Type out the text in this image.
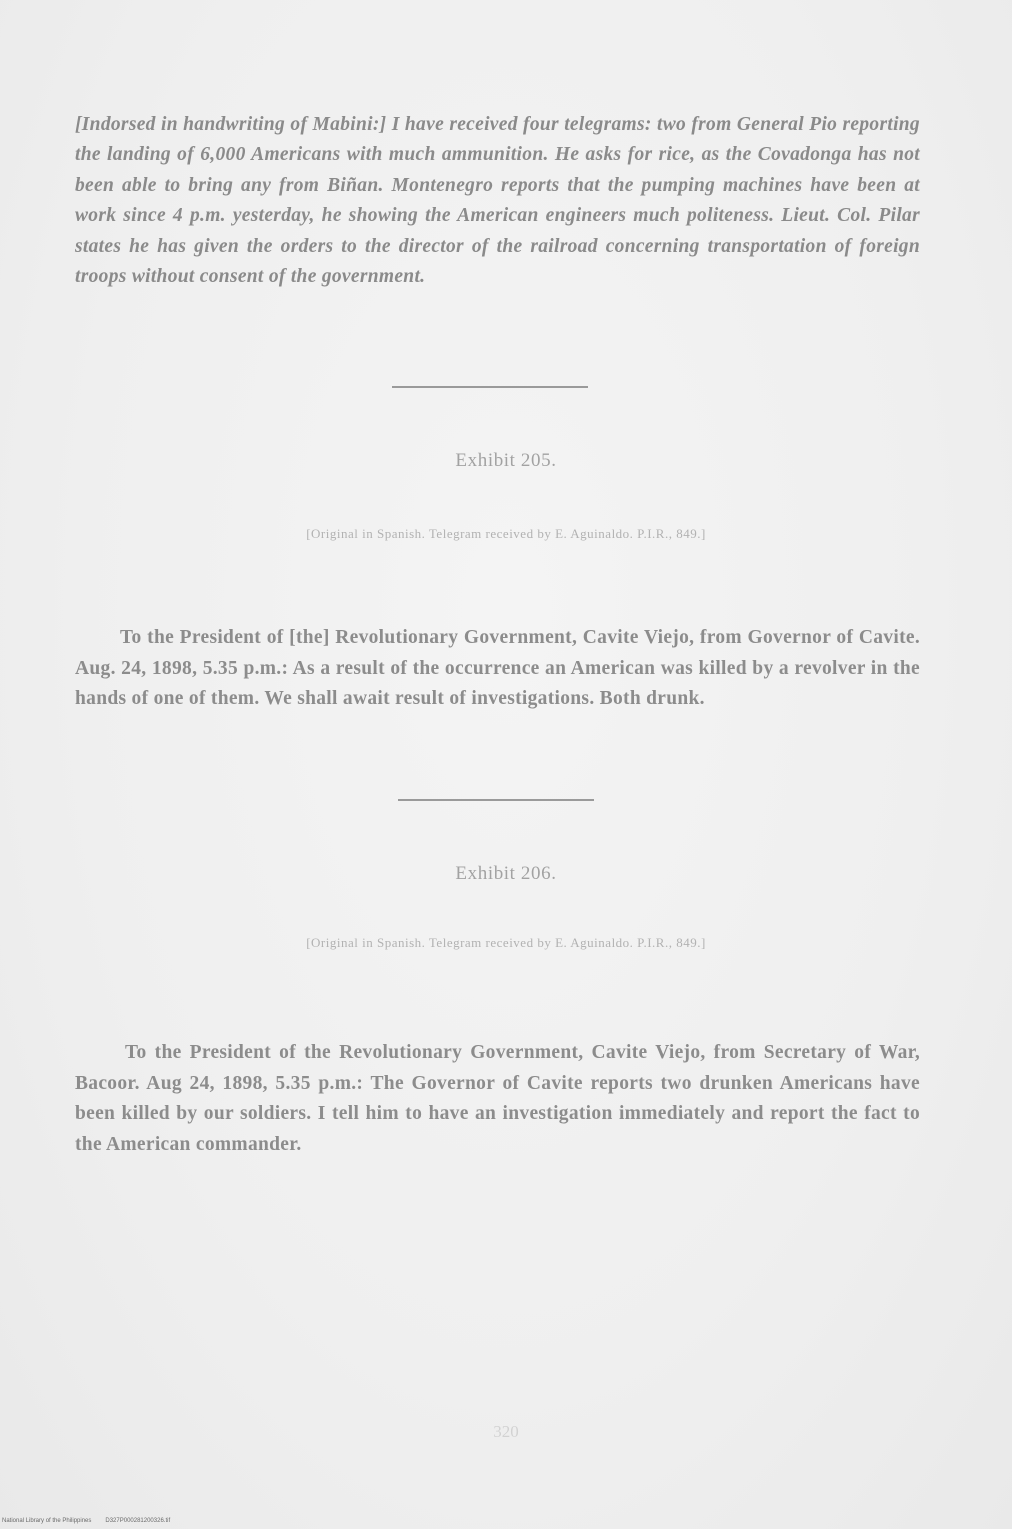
[Indorsed in handwriting of Mabini:] I have received four telegrams: two from General Pio reporting the landing of 6,000 Americans with much ammunition. He asks for rice, as the Covadonga has not been able to bring any from Biñan. Montenegro reports that the pumping machines have been at work since 4 p.m. yesterday, he showing the American engineers much politeness. Lieut. Col. Pilar states he has given the orders to the director of the railroad concerning transportation of foreign troops without consent of the government.

Exhibit 205.
[Original in Spanish. Telegram received by E. Aguinaldo. P.I.R., 849.]

To the President of [the] Revolutionary Government, Cavite Viejo, from Governor of Cavite. Aug. 24, 1898, 5.35 p.m.: As a result of the occurrence an American was killed by a revolver in the hands of one of them. We shall await result of investigations. Both drunk.

Exhibit 206.
[Original in Spanish. Telegram received by E. Aguinaldo. P.I.R., 849.]

To the President of the Revolutionary Government, Cavite Viejo, from Secretary of War, Bacoor. Aug 24, 1898, 5.35 p.m.: The Governor of Cavite reports two drunken Americans have been killed by our soldiers. I tell him to have an investigation immediately and report the fact to the American commander.

320
National Library of the Philippines D327P000281200326.tif
